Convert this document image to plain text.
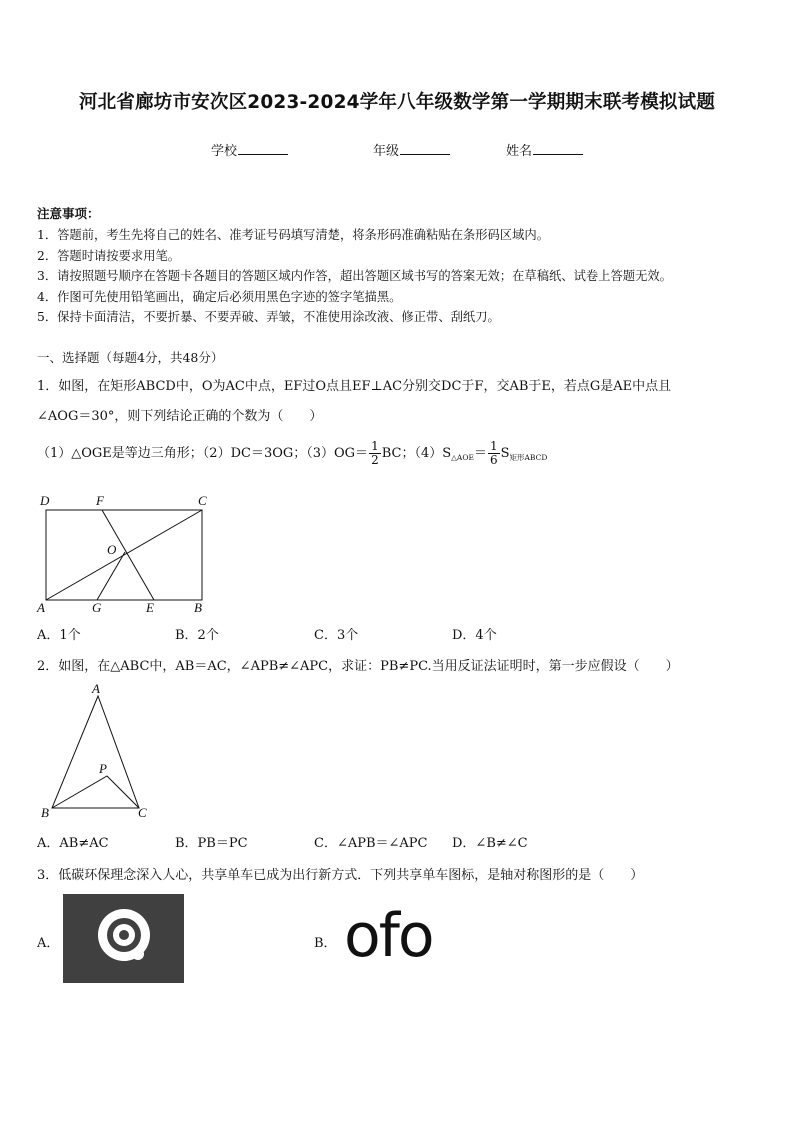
河北省廊坊市安次区2023-2024学年八年级数学第一学期期末联考模拟试题
学校	年级	姓名
注意事项：
1．答题前，考生先将自己的姓名、准考证号码填写清楚，将条形码准确粘贴在条形码区域内。
2．答题时请按要求用笔。
3．请按照题号顺序在答题卡各题目的答题区域内作答，超出答题区域书写的答案无效；在草稿纸、试卷上答题无效。
4．作图可先使用铅笔画出，确定后必须用黑色字迹的签字笔描黑。
5．保持卡面清洁，不要折暴、不要弄破、弄皱，不准使用涂改液、修正带、刮纸刀。
一、选择题（每题4分，共48分）
1．如图，在矩形ABCD中，O为AC中点，EF过O点且EF⊥AC分别交DC于F，交AB于E，若点G是AE中点且
∠AOG＝30°，则下列结论正确的个数为（　　）
（1）△OGE是等边三角形；（2）DC＝3OG；$(3)OG= \frac{1}{2}$ BC；$(4)S_{\triangle AOE}= \frac{1}{6} S_{矩形ABCD}$
D	F	C
O
A	G	E	B
A．1个	B．2个	C．3个	D．4个
2．如图，在△ABC中，AB＝AC，∠APB≠∠APC，求证：PB≠PC.当用反证法证明时，第一步应假设（　　）
A
P
B	C
A．AB≠AC	B．PB＝PC	C．∠APB＝∠APC D．∠B≠∠C
3．低碳环保理念深入人心，共享单车已成为出行新方式．下列共享单车图标，是轴对称图形的是（　　）
A．	B． ofo
